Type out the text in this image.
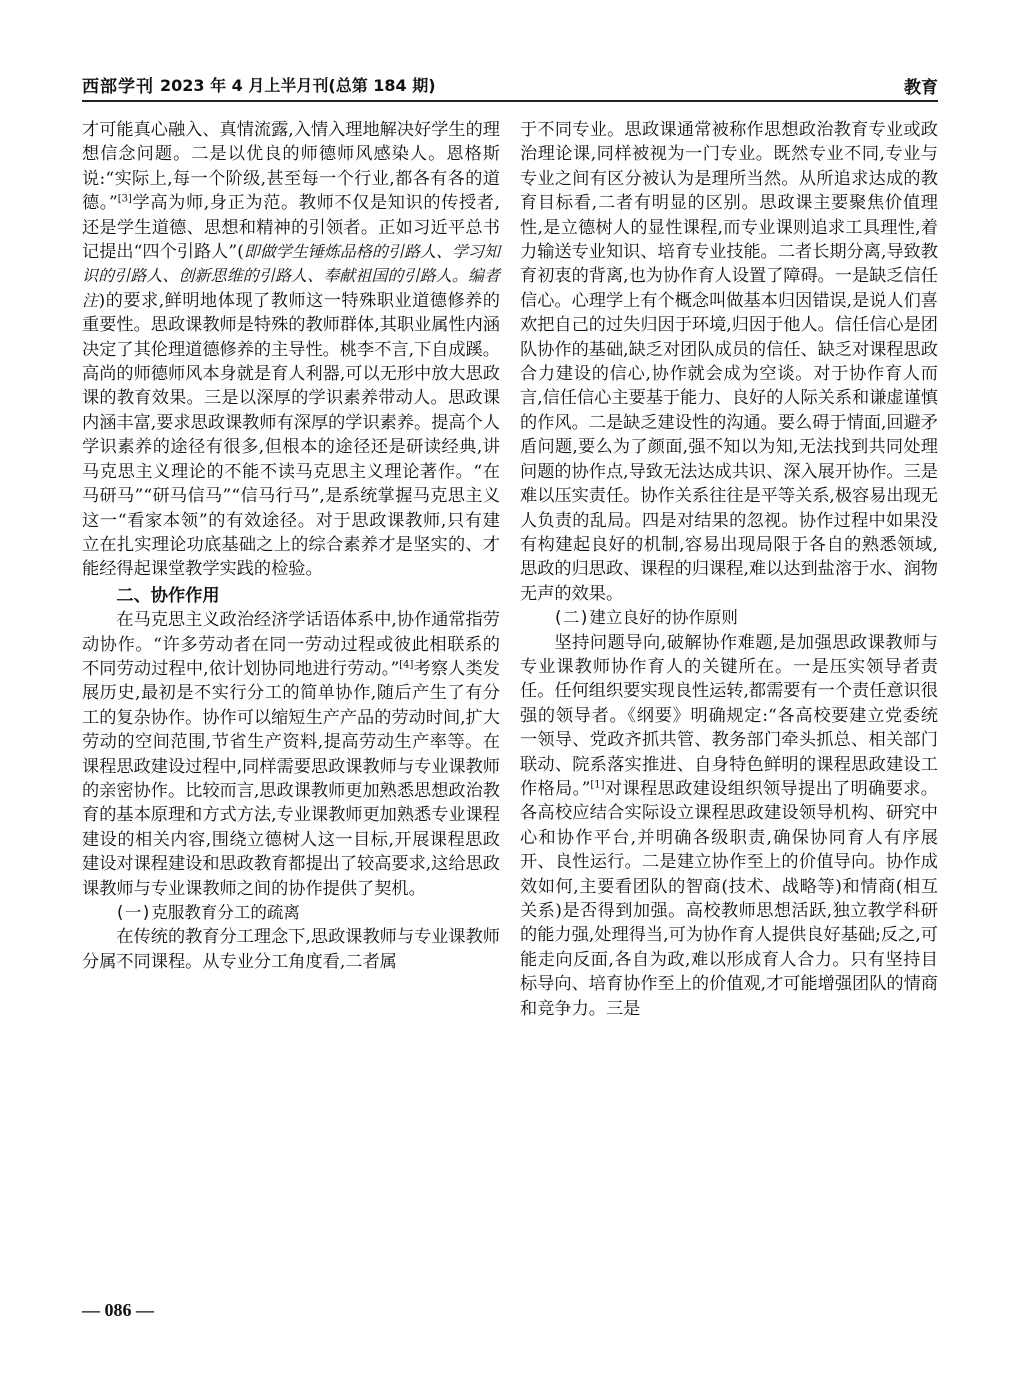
西部学刊 2023 年 4 月上半月刊(总第 184 期)	教育

才可能真心融入、真情流露,入情入理地解决好学生的理想信念问题。二是以优良的师德师风感染人。恩格斯说:“实际上,每一个阶级,甚至每一个行业,都各有各的道德。”[3]学高为师,身正为范。教师不仅是知识的传授者,还是学生道德、思想和精神的引领者。正如习近平总书记提出“四个引路人”(即做学生锤炼品格的引路人、学习知识的引路人、创新思维的引路人、奉献祖国的引路人。编者注)的要求,鲜明地体现了教师这一特殊职业道德修养的重要性。思政课教师是特殊的教师群体,其职业属性内涵决定了其伦理道德修养的主导性。桃李不言,下自成蹊。高尚的师德师风本身就是育人利器,可以无形中放大思政课的教育效果。三是以深厚的学识素养带动人。思政课内涵丰富,要求思政课教师有深厚的学识素养。提高个人学识素养的途径有很多,但根本的途径还是研读经典,讲马克思主义理论的不能不读马克思主义理论著作。“在马研马”“研马信马”“信马行马”,是系统掌握马克思主义这一“看家本领”的有效途径。对于思政课教师,只有建立在扎实理论功底基础之上的综合素养才是坚实的、才能经得起课堂教学实践的检验。

二、协作作用

在马克思主义政治经济学话语体系中,协作通常指劳动协作。“许多劳动者在同一劳动过程或彼此相联系的不同劳动过程中,依计划协同地进行劳动。”[4]考察人类发展历史,最初是不实行分工的简单协作,随后产生了有分工的复杂协作。协作可以缩短生产产品的劳动时间,扩大劳动的空间范围,节省生产资料,提高劳动生产率等。在课程思政建设过程中,同样需要思政课教师与专业课教师的亲密协作。比较而言,思政课教师更加熟悉思想政治教育的基本原理和方式方法,专业课教师更加熟悉专业课程建设的相关内容,围绕立德树人这一目标,开展课程思政建设对课程建设和思政教育都提出了较高要求,这给思政课教师与专业课教师之间的协作提供了契机。

(一)克服教育分工的疏离

在传统的教育分工理念下,思政课教师与专业课教师分属不同课程。从专业分工角度看,二者属

于不同专业。思政课通常被称作思想政治教育专业或政治理论课,同样被视为一门专业。既然专业不同,专业与专业之间有区分被认为是理所当然。从所追求达成的教育目标看,二者有明显的区别。思政课主要聚焦价值理性,是立德树人的显性课程,而专业课则追求工具理性,着力输送专业知识、培育专业技能。二者长期分离,导致教育初衷的背离,也为协作育人设置了障碍。一是缺乏信任信心。心理学上有个概念叫做基本归因错误,是说人们喜欢把自己的过失归因于环境,归因于他人。信任信心是团队协作的基础,缺乏对团队成员的信任、缺乏对课程思政合力建设的信心,协作就会成为空谈。对于协作育人而言,信任信心主要基于能力、良好的人际关系和谦虚谨慎的作风。二是缺乏建设性的沟通。要么碍于情面,回避矛盾问题,要么为了颜面,强不知以为知,无法找到共同处理问题的协作点,导致无法达成共识、深入展开协作。三是难以压实责任。协作关系往往是平等关系,极容易出现无人负责的乱局。四是对结果的忽视。协作过程中如果没有构建起良好的机制,容易出现局限于各自的熟悉领域,思政的归思政、课程的归课程,难以达到盐溶于水、润物无声的效果。

(二)建立良好的协作原则

坚持问题导向,破解协作难题,是加强思政课教师与专业课教师协作育人的关键所在。一是压实领导者责任。任何组织要实现良性运转,都需要有一个责任意识很强的领导者。《纲要》明确规定:“各高校要建立党委统一领导、党政齐抓共管、教务部门牵头抓总、相关部门联动、院系落实推进、自身特色鲜明的课程思政建设工作格局。”[1]对课程思政建设组织领导提出了明确要求。各高校应结合实际设立课程思政建设领导机构、研究中心和协作平台,并明确各级职责,确保协同育人有序展开、良性运行。二是建立协作至上的价值导向。协作成效如何,主要看团队的智商(技术、战略等)和情商(相互关系)是否得到加强。高校教师思想活跃,独立教学科研的能力强,处理得当,可为协作育人提供良好基础;反之,可能走向反面,各自为政,难以形成育人合力。只有坚持目标导向、培育协作至上的价值观,才可能增强团队的情商和竞争力。三是

— 086 —
